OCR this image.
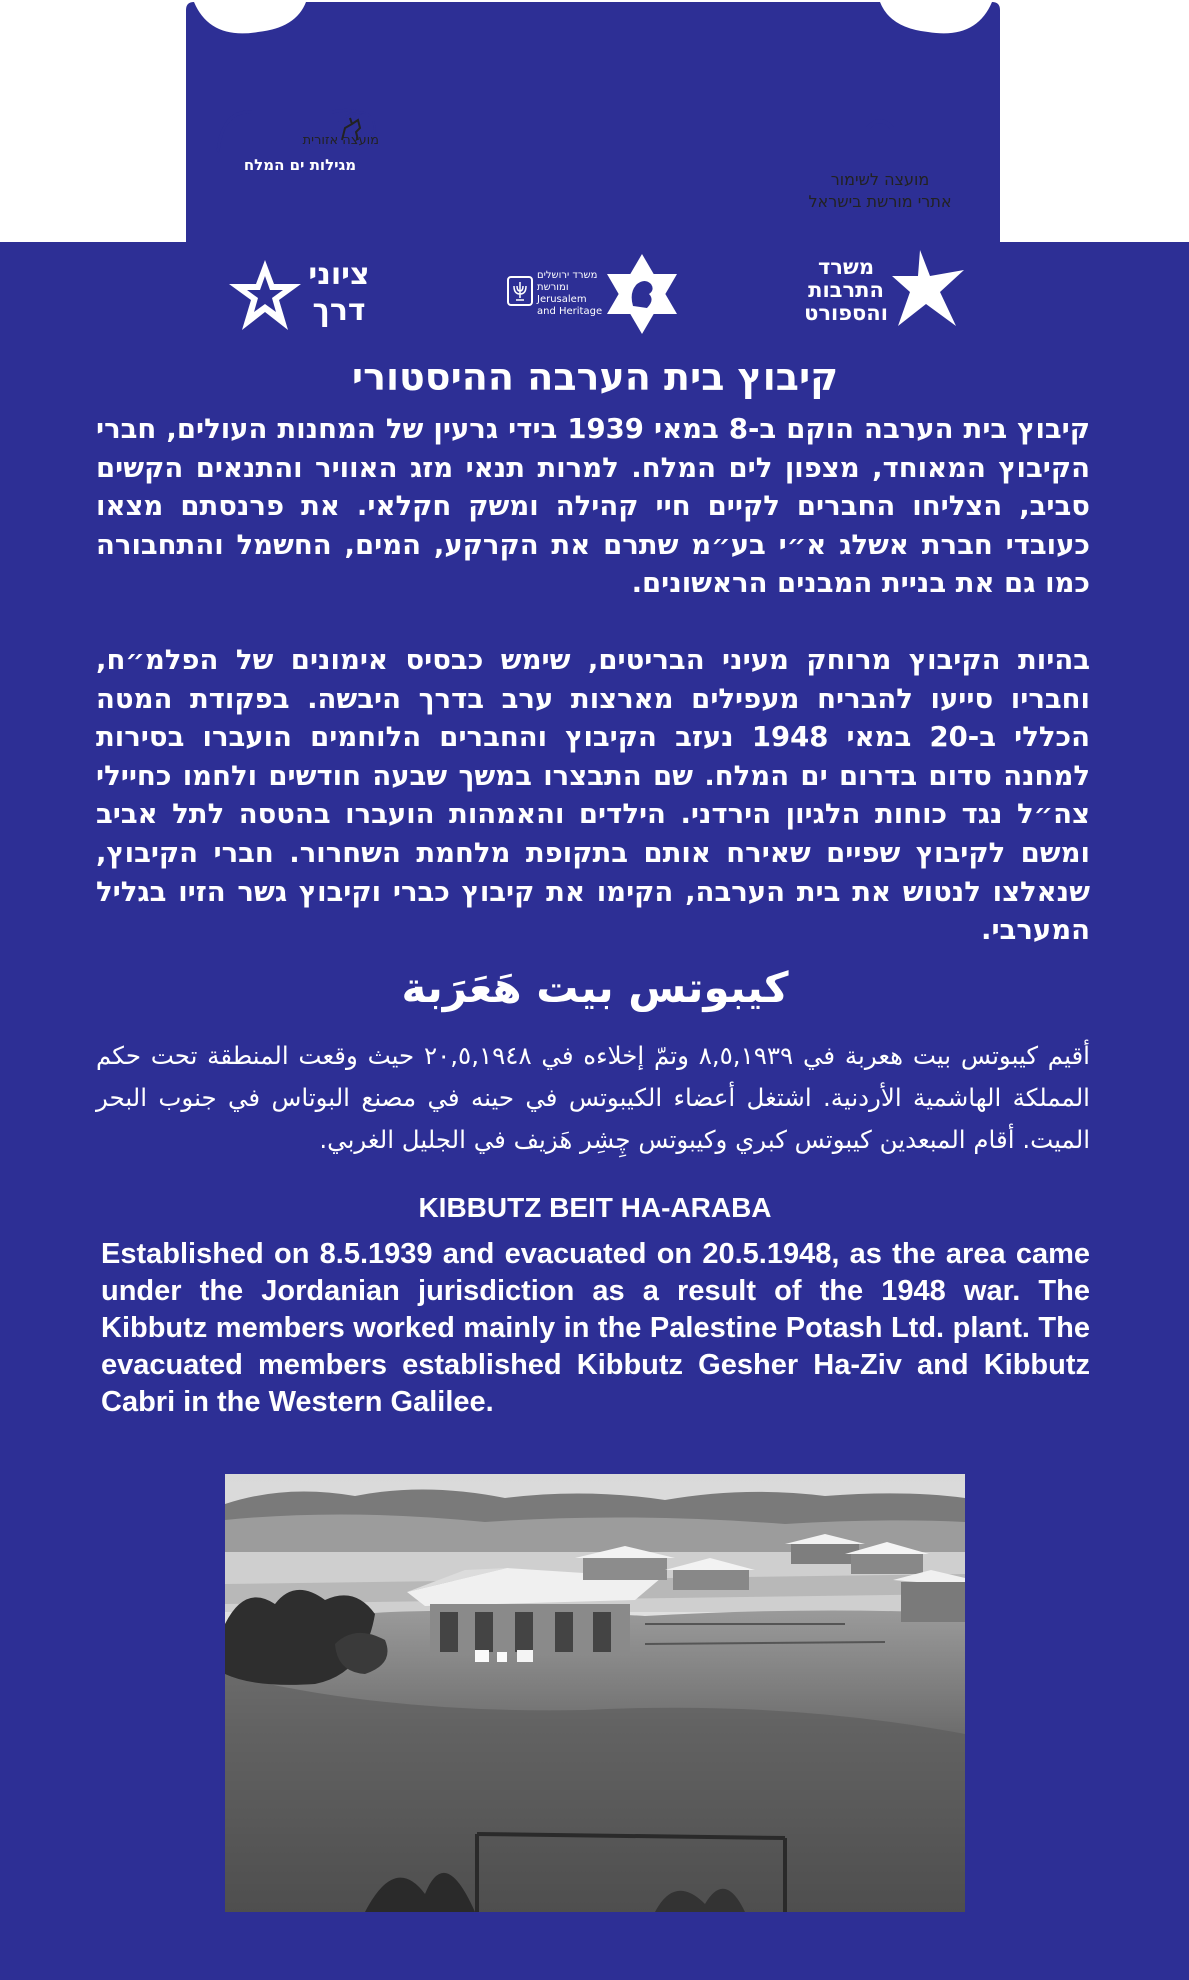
מועצה אזורית
מגילות ים המלח
מועצה לשימור
אתרי מורשת בישראל
ציוני
דרך
משרד ירושלים
ומורשת
Jerusalem
and Heritage
משרד
התרבות
והספורט
קיבוץ בית הערבה ההיסטורי

קיבוץ בית הערבה הוקם ב-8 במאי 1939 בידי גרעין של המחנות העולים, חברי הקיבוץ המאוחד, מצפון לים המלח. למרות תנאי מזג האוויר והתנאים הקשים סביב, הצליחו החברים לקיים חיי קהילה ומשק חקלאי. את פרנסתם מצאו כעובדי חברת אשלג א״י בע״מ שתרם את הקרקע, המים, החשמל והתחבורה כמו גם את בניית המבנים הראשונים.

בהיות הקיבוץ מרוחק מעיני הבריטים, שימש כבסיס אימונים של הפלמ״ח, וחבריו סייעו להבריח מעפילים מארצות ערב בדרך היבשה. בפקודת המטה הכללי ב-20 במאי 1948 נעזב הקיבוץ והחברים הלוחמים הועברו בסירות למחנה סדום בדרום ים המלח. שם התבצרו במשך שבעה חודשים ולחמו כחיילי צה״ל נגד כוחות הלגיון הירדני. הילדים והאמהות הועברו בהטסה לתל אביב ומשם לקיבוץ שפיים שאירח אותם בתקופת מלחמת השחרור. חברי הקיבוץ, שנאלצו לנטוש את בית הערבה, הקימו את קיבוץ כברי וקיבוץ גשר הזיו בגליל המערבי.

كيبوتس بيت هَعَرَبة

أقيم كيبوتس بيت هعربة في ٨,٥,١٩٣٩ وتمّ إخلاءه في ٢٠,٥,١٩٤٨ حيث وقعت المنطقة تحت حكم المملكة الهاشمية الأردنية. اشتغل أعضاء الكيبوتس في حينه في مصنع البوتاس في جنوب البحر الميت. أقام المبعدين كيبوتس كبري وكيبوتس چِشِر هَزيف في الجليل الغربي.

KIBBUTZ BEIT HA-ARABA

Established on 8.5.1939 and evacuated on 20.5.1948, as the area came under the Jordanian jurisdiction as a result of the 1948 war. The Kibbutz members worked mainly in the Palestine Potash Ltd. plant. The evacuated members established Kibbutz Gesher Ha-Ziv and Kibbutz Cabri in the Western Galilee.
